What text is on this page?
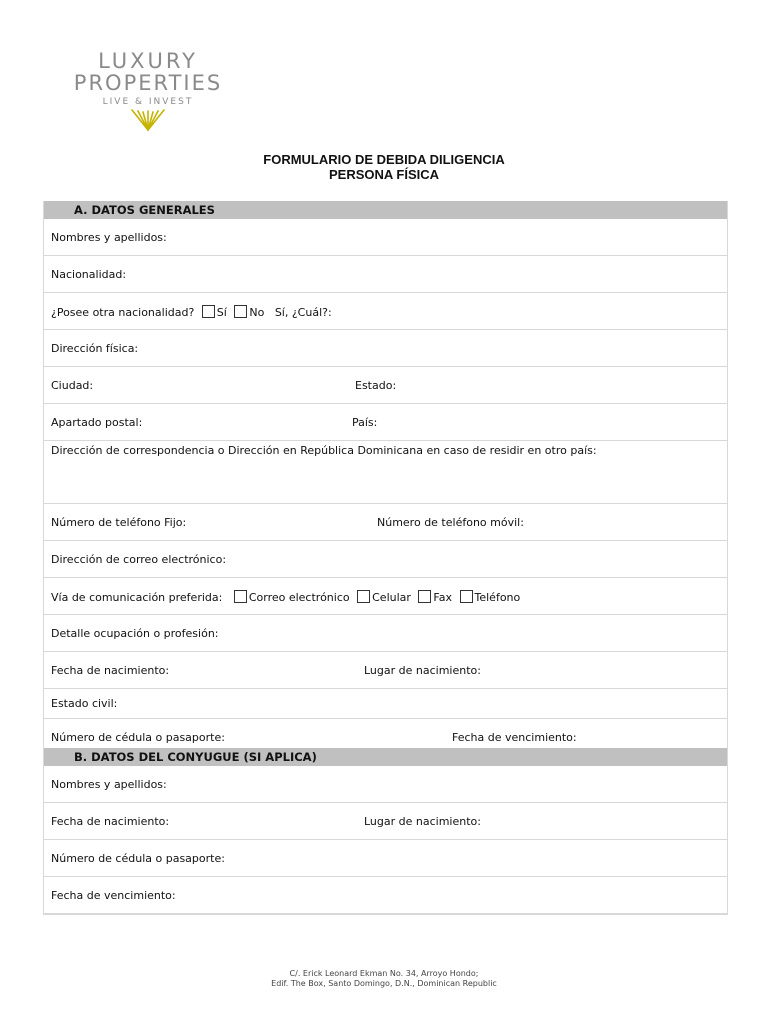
LUXURY
PROPERTIES
LIVE & INVEST
FORMULARIO DE DEBIDA DILIGENCIA
PERSONA FÍSICA
A. DATOS GENERALES
Nombres y apellidos:
Nacionalidad:
¿Posee otra nacionalidad? Sí No Sí, ¿Cuál?:
Dirección física:
Ciudad:	Estado:
Apartado postal:	País:
Dirección de correspondencia o Dirección en República Dominicana en caso de residir en otro país:
Número de teléfono Fijo:	Número de teléfono móvil:
Dirección de correo electrónico:
Vía de comunicación preferida: Correo electrónico Celular Fax Teléfono
Detalle ocupación o profesión:
Fecha de nacimiento:	Lugar de nacimiento:
Estado civil:
Número de cédula o pasaporte:	Fecha de vencimiento:
B. DATOS DEL CONYUGUE (SI APLICA)
Nombres y apellidos:
Fecha de nacimiento:	Lugar de nacimiento:
Número de cédula o pasaporte:
Fecha de vencimiento:
C/. Erick Leonard Ekman No. 34, Arroyo Hondo;
Edif. The Box, Santo Domingo, D.N., Dominican Republic
